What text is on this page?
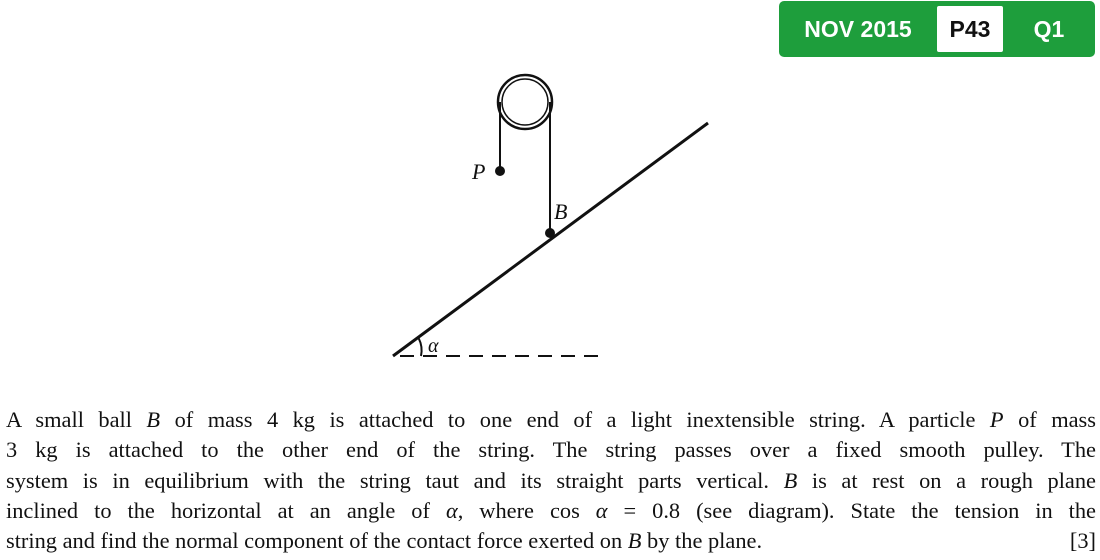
NOV 2015	P43	Q1
P
B
α
A small ball B of mass 4 kg is attached to one end of a light inextensible string. A particle P of mass
3 kg is attached to the other end of the string. The string passes over a fixed smooth pulley. The
system is in equilibrium with the string taut and its straight parts vertical. B is at rest on a rough plane
inclined to the horizontal at an angle of α, where cos α = 0.8 (see diagram). State the tension in the
string and find the normal component of the contact force exerted on B by the plane.	[3]
